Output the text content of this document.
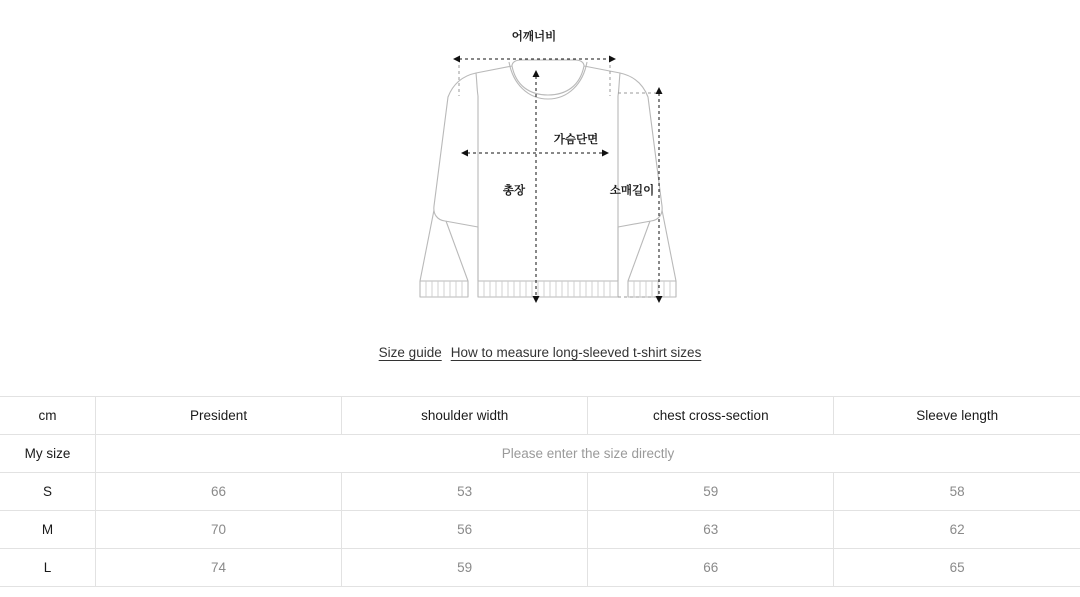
어깨너비
가슴단면
총장	소매길이
Size guide How to measure long-sleeved t-shirt sizes
cm	President	shoulder width	chest cross-section	Sleeve length
My size	Please enter the size directly			
S	66	53	59	58
M	70	56	63	62
L	74	59	66	65
